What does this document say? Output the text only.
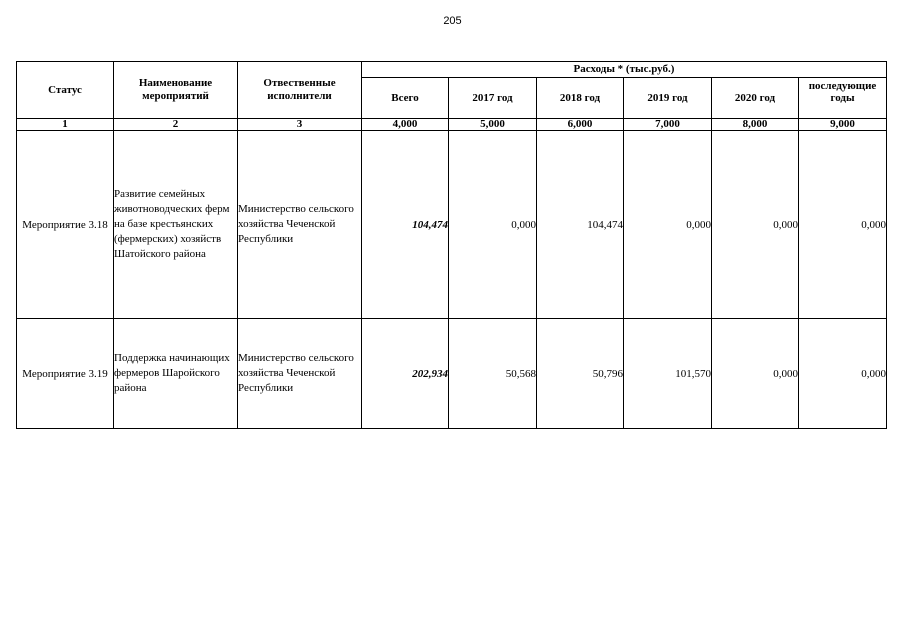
205
Статус	Наименование мероприятий	Отвественные исполнители	Расходы * (тыс.руб.)					
			Всего	2017 год	2018 год	2019 год	2020 год	последующие годы

1	2	3	4,000	5,000	6,000	7,000	8,000	9,000
Мероприятие 3.18	Развитие семейных животноводческих ферм на базе крестьянских (фермерских) хозяйств Шатойского района	Министерство сельского хозяйства Чеченской Республики	104,474	0,000	104,474	0,000	0,000	0,000
Мероприятие 3.19	Поддержка начинающих фермеров Шаройского района	Министерство сельского хозяйства Чеченской Республики	202,934	50,568	50,796	101,570	0,000	0,000
